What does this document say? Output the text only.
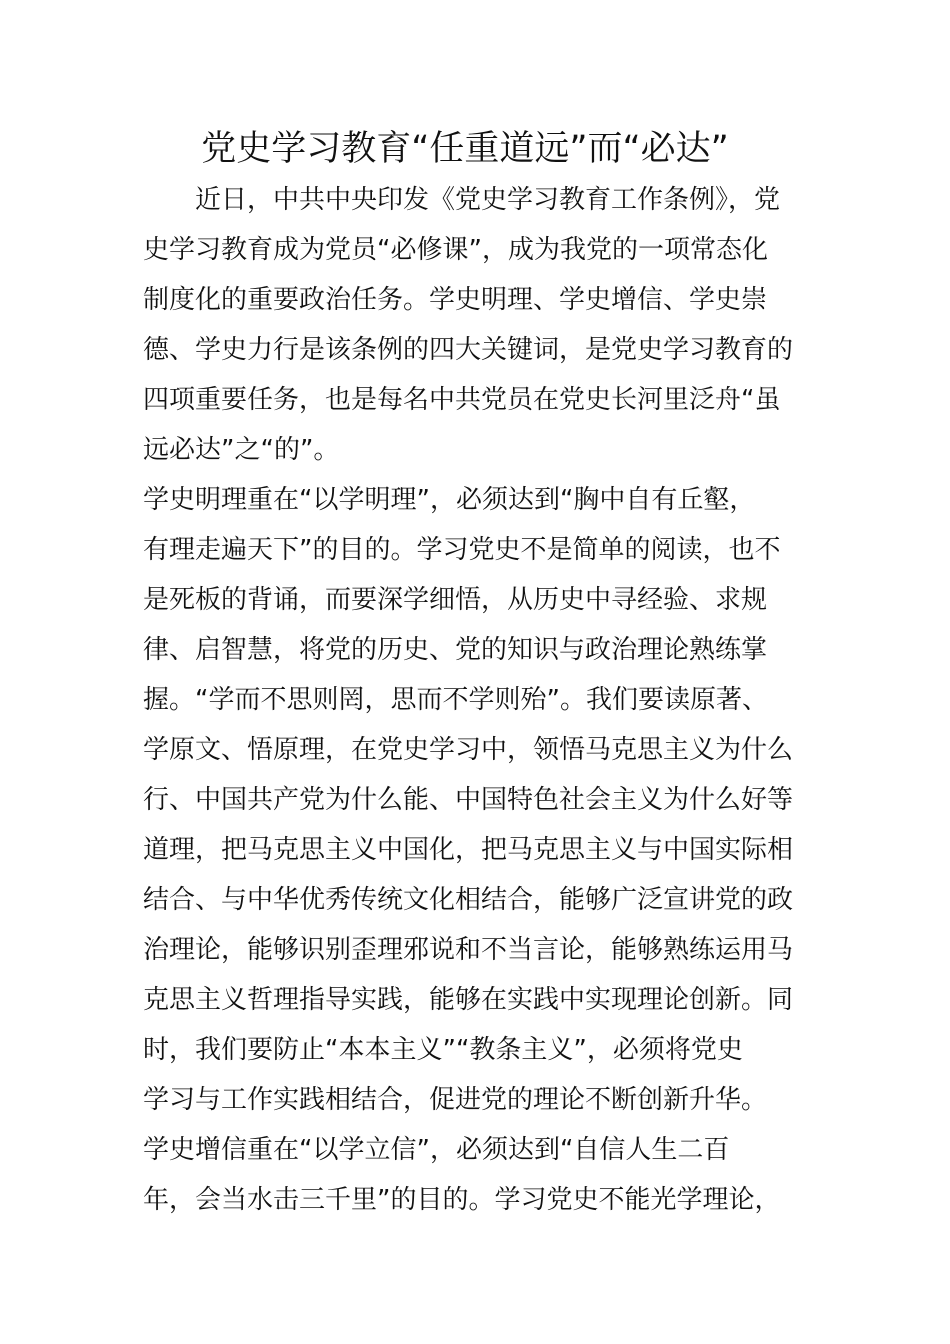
党史学习教育“任重道远”而“必达”

　　近日，中共中央印发《党史学习教育工作条例》，党

史学习教育成为党员“必修课”，成为我党的一项常态化

制度化的重要政治任务。学史明理、学史增信、学史崇

德、学史力行是该条例的四大关键词，是党史学习教育的

四项重要任务，也是每名中共党员在党史长河里泛舟“虽

远必达”之“的”。

学史明理重在“以学明理”，必须达到“胸中自有丘壑，

有理走遍天下”的目的。学习党史不是简单的阅读，也不

是死板的背诵，而要深学细悟，从历史中寻经验、求规

律、启智慧，将党的历史、党的知识与政治理论熟练掌

握。“学而不思则罔，思而不学则殆”。我们要读原著、

学原文、悟原理，在党史学习中，领悟马克思主义为什么

行、中国共产党为什么能、中国特色社会主义为什么好等

道理，把马克思主义中国化，把马克思主义与中国实际相

结合、与中华优秀传统文化相结合，能够广泛宣讲党的政

治理论，能够识别歪理邪说和不当言论，能够熟练运用马

克思主义哲理指导实践，能够在实践中实现理论创新。同

时，我们要防止“本本主义”“教条主义”，必须将党史

学习与工作实践相结合，促进党的理论不断创新升华。

学史增信重在“以学立信”，必须达到“自信人生二百

年，会当水击三千里”的目的。学习党史不能光学理论，
